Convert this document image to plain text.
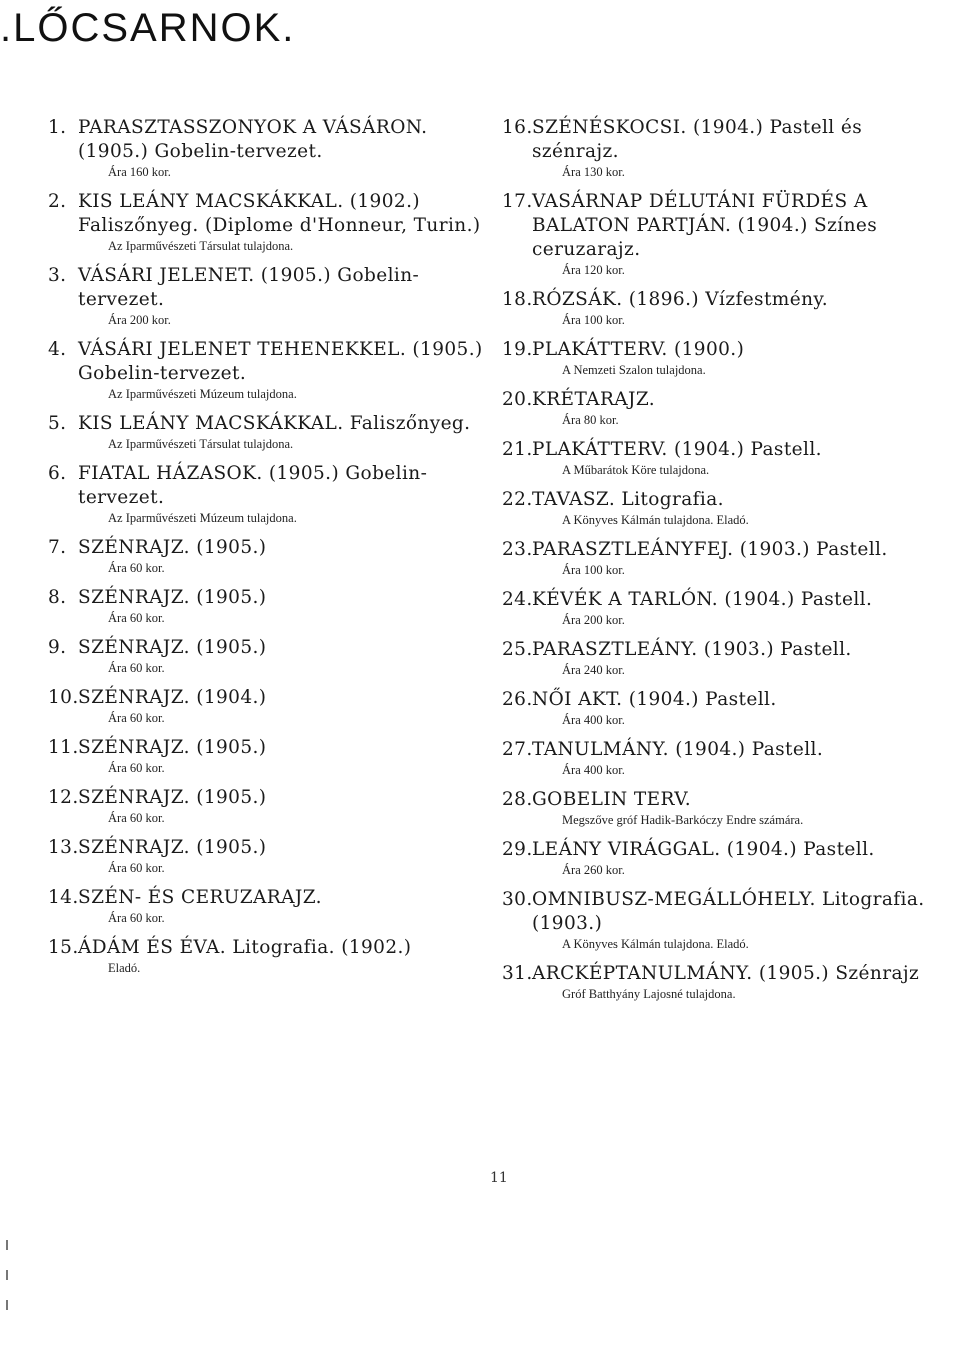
.LŐCSARNOK.
1. PARASZTASSZONYOK A VÁSÁRON. (1905.) Gobelin-tervezet.
Ára 160 kor.
2. KIS LEÁNY MACSKÁKKAL. (1902.) Faliszőnyeg. (Diplome d'Honneur, Turin.)
Az Iparművészeti Társulat tulajdona.
3. VÁSÁRI JELENET. (1905.) Gobelin-tervezet.
Ára 200 kor.
4. VÁSÁRI JELENET TEHENEKKEL. (1905.) Gobelin-tervezet.
Az Iparművészeti Múzeum tulajdona.
5. KIS LEÁNY MACSKÁKKAL. Faliszőnyeg.
Az Iparművészeti Társulat tulajdona.
6. FIATAL HÁZASOK. (1905.) Gobelin-tervezet.
Az Iparművészeti Múzeum tulajdona.
7. SZÉNRAJZ. (1905.)
Ára 60 kor.
8. SZÉNRAJZ. (1905.)
Ára 60 kor.
9. SZÉNRAJZ. (1905.)
Ára 60 kor.
10. SZÉNRAJZ. (1904.)
Ára 60 kor.
11. SZÉNRAJZ. (1905.)
Ára 60 kor.
12. SZÉNRAJZ. (1905.)
Ára 60 kor.
13. SZÉNRAJZ. (1905.)
Ára 60 kor.
14. SZÉN- ÉS CERUZARAJZ.
Ára 60 kor.
15. ÁDÁM ÉS ÉVA. Litografia. (1902.)
Eladó.
16. SZÉNÉSKOCSI. (1904.) Pastell és szénrajz.
Ára 130 kor.
17. VASÁRNAP DÉLUTÁNI FÜRDÉS A BALATON PARTJÁN. (1904.) Színes ceruzarajz.
Ára 120 kor.
18. RÓZSÁK. (1896.) Vízfestmény.
Ára 100 kor.
19. PLAKÁTTERV. (1900.)
A Nemzeti Szalon tulajdona.
20. KRÉTARAJZ.
Ára 80 kor.
21. PLAKÁTTERV. (1904.) Pastell.
A Műbarátok Köre tulajdona.
22. TAVASZ. Litografia.
A Könyves Kálmán tulajdona. Eladó.
23. PARASZTLEÁNYFEJ. (1903.) Pastell.
Ára 100 kor.
24. KÉVÉK A TARLÓN. (1904.) Pastell.
Ára 200 kor.
25. PARASZTLEÁNY. (1903.) Pastell.
Ára 240 kor.
26. NŐI AKT. (1904.) Pastell.
Ára 400 kor.
27. TANULMÁNY. (1904.) Pastell.
Ára 400 kor.
28. GOBELIN TERV.
Megszőve gróf Hadik-Barkóczy Endre számára.
29. LEÁNY VIRÁGGAL. (1904.) Pastell.
Ára 260 kor.
30. OMNIBUSZ-MEGÁLLÓHELY. Litografia. (1903.)
A Könyves Kálmán tulajdona. Eladó.
31. ARCKÉPTANULMÁNY. (1905.) Szénrajz
Gróf Batthyány Lajosné tulajdona.
11
